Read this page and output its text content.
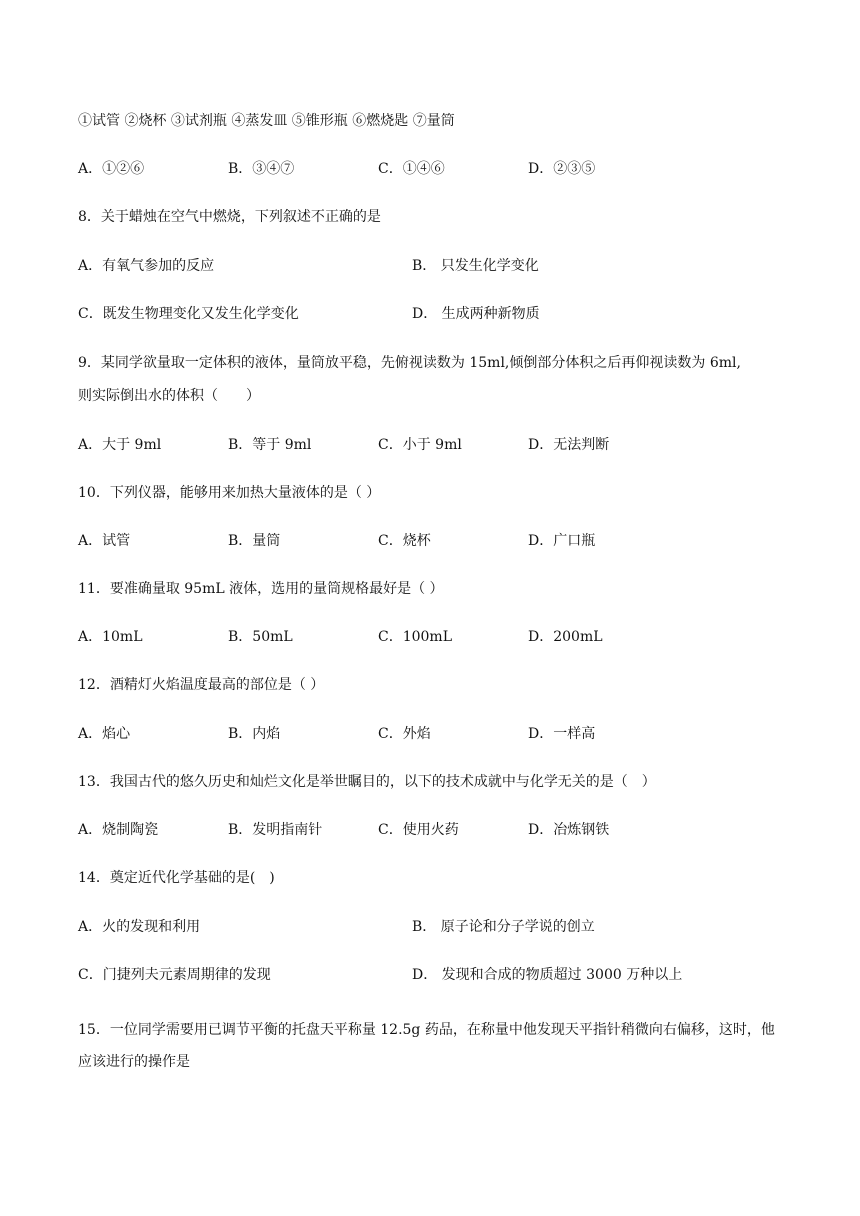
①试管 ②烧杯 ③试剂瓶 ④蒸发皿 ⑤锥形瓶 ⑥燃烧匙 ⑦量筒
A．①②⑥	B．③④⑦	C．①④⑥	D．②③⑤
8．关于蜡烛在空气中燃烧，下列叙述不正确的是
A．有氧气参加的反应	B． 只发生化学变化
C．既发生物理变化又发生化学变化	D． 生成两种新物质
9．某同学欲量取一定体积的液体，量筒放平稳，先俯视读数为 15ml,倾倒部分体积之后再仰视读数为 6ml,
则实际倒出水的体积（　　）
A．大于 9ml	B．等于 9ml	C．小于 9ml	D．无法判断
10．下列仪器，能够用来加热大量液体的是（ ）
A．试管	B．量筒	C．烧杯	D．广口瓶
11．要准确量取 95mL 液体，选用的量筒规格最好是（ ）
A．10mL	B．50mL	C．100mL	D．200mL
12．酒精灯火焰温度最高的部位是（ ）
A．焰心	B．内焰	C．外焰	D．一样高
13．我国古代的悠久历史和灿烂文化是举世瞩目的，以下的技术成就中与化学无关的是（　）
A．烧制陶瓷	B．发明指南针	C．使用火药	D．冶炼钢铁
14．奠定近代化学基础的是(　)
A．火的发现和利用	B． 原子论和分子学说的创立
C．门捷列夫元素周期律的发现	D． 发现和合成的物质超过 3000 万种以上
15．一位同学需要用已调节平衡的托盘天平称量 12.5g 药品，在称量中他发现天平指针稍微向右偏移，这时，他应该进行的操作是
